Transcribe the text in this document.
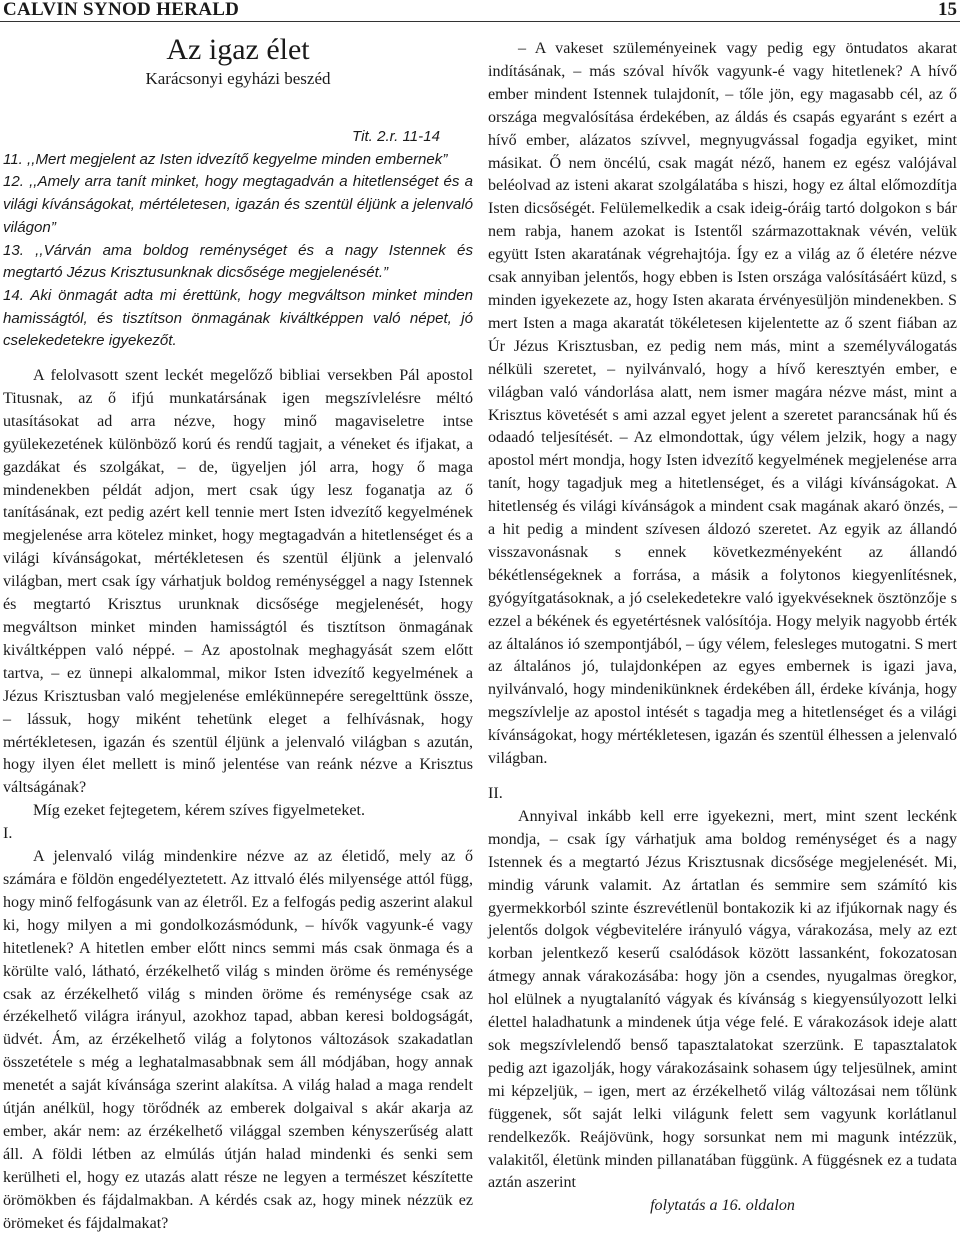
CALVIN SYNOD HERALD	15
Az igaz élet
Karácsonyi egyházi beszéd
Tit. 2.r. 11-14

11. ,,Mert megjelent az Isten idvezítő kegyelme minden embernek”

12. ,,Amely arra tanít minket, hogy megtagadván a hitetlenséget és a világi kívánságokat, mértéletesen, igazán és szentül éljünk a jelenvaló világon”

13. ,,Várván ama boldog reménységet és a nagy Istennek és megtartó Jézus Krisztusunknak dicsősége megjelenését.”

14. Aki önmagát adta mi érettünk, hogy megváltson minket minden hamisságtól, és tisztítson önmagának kiváltképpen való népet, jó cselekedetekre igyekezőt.

A felolvasott szent leckét megelőző bibliai versekben Pál apostol Titusnak, az ő ifjú munkatársának igen megszívlelésre méltó utasításokat ad arra nézve, hogy minő magaviseletre intse gyülekezetének különböző korú és rendű tagjait, a véneket és ifjakat, a gazdákat és szolgákat, – de, ügyeljen jól arra, hogy ő maga mindenekben példát adjon, mert csak úgy lesz foganatja az ő tanításának, ezt pedig azért kell tennie mert Isten idvezítő kegyelmének megjelenése arra kötelez minket, hogy megtagadván a hitetlenséget és a világi kívánságokat, mértékletesen és szentül éljünk a jelenvaló világban, mert csak így várhatjuk boldog reménységgel a nagy Istennek és megtartó Krisztus urunknak dicsősége megjelenését, hogy megváltson minket minden hamisságtól és tisztítson önmagának kiváltképpen való néppé. – Az apostolnak meghagyását szem előtt tartva, – ez ünnepi alkalommal, mikor Isten idvezítő kegyelmének a Jézus Krisztusban való megjelenése emlékünnepére seregelttünk össze, – lássuk, hogy miként tehetünk eleget a felhívásnak, hogy mértékletesen, igazán és szentül éljünk a jelenvaló világban s azután, hogy ilyen élet mellett is minő jelentése van reánk nézve a Krisztus váltságának?

Míg ezeket fejtegetem, kérem szíves figyelmeteket.

I.

A jelenvaló világ mindenkire nézve az az életidő, mely az ő számára e földön engedélyeztetett. Az ittvaló élés milyensége attól függ, hogy minő felfogásunk van az életről. Ez a felfogás pedig aszerint alakul ki, hogy milyen a mi gondolkozásmódunk, – hívők vagyunk-é vagy hitetlenek? A hitetlen ember előtt nincs semmi más csak önmaga és a körülte való, látható, érzékelhető világ s minden öröme és reménysége csak az érzékelhető világ s minden öröme és reménysége csak az érzékelhető világra irányul, azokhoz tapad, abban keresi boldogságát, üdvét. Ám, az érzékelhető világ a folytonos változások szakadatlan összetétele s még a leghatalmasabbnak sem áll módjában, hogy annak menetét a saját kívánsága szerint alakítsa. A világ halad a maga rendelt útján anélkül, hogy törődnék az emberek dolgaival s akár akarja az ember, akár nem: az érzékelhető világgal szemben kényszerűség alatt áll. A földi létben az elmúlás útján halad mindenki és senki sem kerülheti el, hogy ez utazás alatt része ne legyen a természet készítette örömökben és fájdalmakban. A kérdés csak az, hogy minek nézzük ez örömeket és fájdalmakat?

– A vakeset szüleményeinek vagy pedig egy öntudatos akarat indításának, – más szóval hívők vagyunk-é vagy hitetlenek? A hívő ember mindent Istennek tulajdonít, – tőle jön, egy magasabb cél, az ő országa megvalósítása érdekében, az áldás és csapás egyaránt s ezért a hívő ember, alázatos szívvel, megnyugvással fogadja egyiket, mint másikat. Ő nem öncélú, csak magát néző, hanem ez egész valójával beléolvad az isteni akarat szolgálatába s hiszi, hogy ez által előmozdítja Isten dicsőségét. Felülemelkedik a csak ideig-óráig tartó dolgokon s bár nem rabja, hanem azokat is Istentől származottaknak vévén, velük együtt Isten akaratának végrehajtója. Így ez a világ az ő életére nézve csak annyiban jelentős, hogy ebben is Isten országa valósításáért küzd, s minden igyekezete az, hogy Isten akarata érvényesüljön mindenekben. S mert Isten a maga akaratát tökéletesen kijelentette az ő szent fiában az Úr Jézus Krisztusban, ez pedig nem más, mint a személyválogatás nélküli szeretet, – nyilvánvaló, hogy a hívő keresztyén ember, e világban való vándorlása alatt, nem ismer magára nézve mást, mint a Krisztus követését s ami azzal egyet jelent a szeretet parancsának hű és odaadó teljesítését. – Az elmondottak, úgy vélem jelzik, hogy a nagy apostol mért mondja, hogy Isten idvezítő kegyelmének megjelenése arra tanít, hogy tagadjuk meg a hitetlenséget, és a világi kívánságokat. A hitetlenség és világi kívánságok a mindent csak magának akaró önzés, – a hit pedig a mindent szívesen áldozó szeretet. Az egyik az állandó visszavonásnak s ennek következményeként az állandó békétlenségeknek a forrása, a másik a folytonos kiegyenlítésnek, gyógyítgatásoknak, a jó cselekedetekre való igyekvéseknek ösztönzője s ezzel a békének és egyetértésnek valósítója. Hogy melyik nagyobb érték az általános ió szempontjából, – úgy vélem, felesleges mutogatni. S mert az általános jó, tulajdonképen az egyes embernek is igazi java, nyilvánvaló, hogy mindenikünknek érdekében áll, érdeke kívánja, hogy megszívlelje az apostol intését s tagadja meg a hitetlenséget és a világi kívánságokat, hogy mértékletesen, igazán és szentül élhessen a jelenvaló világban.

II.

Annyival inkább kell erre igyekezni, mert, mint szent leckénk mondja, – csak így várhatjuk ama boldog reménységet és a nagy Istennek és a megtartó Jézus Krisztusnak dicsősége megjelenését. Mi, mindig várunk valamit. Az ártatlan és semmire sem számító kis gyermekkorból szinte észrevétlenül bontakozik ki az ifjúkornak nagy és jelentős dolgok végbevitelére irányuló vágya, várakozása, mely az ezt korban jelentkező keserű csalódások között lassanként, fokozatosan átmegy annak várakozásába: hogy jön a csendes, nyugalmas öregkor, hol elülnek a nyugtalanító vágyak és kívánság s kiegyensúlyozott lelki élettel haladhatunk a mindenek útja vége felé. E várakozások ideje alatt sok megszívlelendő benső tapasztalatokat szerzünk. E tapasztalatok pedig azt igazolják, hogy várakozásaink sohasem úgy teljesülnek, amint mi képzeljük, – igen, mert az érzékelhető világ változásai nem tőlünk függenek, sőt saját lelki világunk felett sem vagyunk korlátlanul rendelkezők. Reájövünk, hogy sorsunkat nem mi magunk intézzük, valakitől, életünk minden pillanatában függünk. A függésnek ez a tudata aztán aszerint

folytatás a 16. oldalon
